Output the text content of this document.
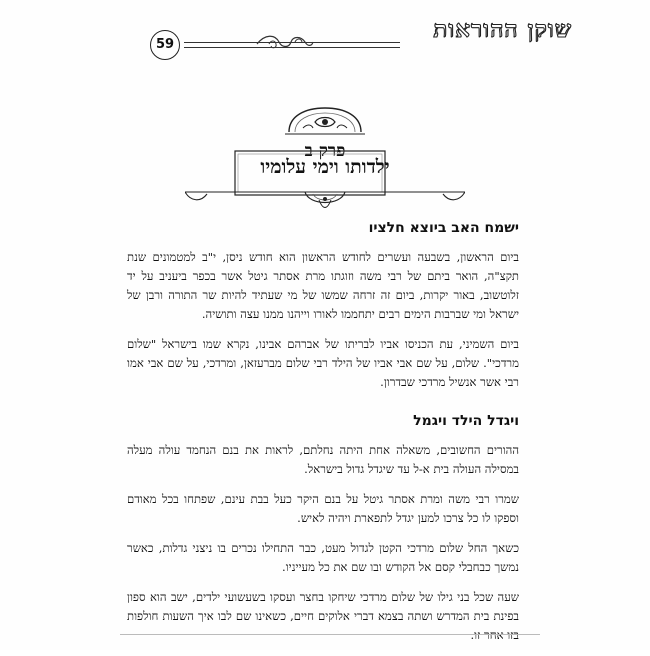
שוקן ההוראות
59
פרק ב
ילדותו וימי עלומיו
ישמח האב ביוצא חלציו

ביום הראשון, בשבעה ועשרים לחודש הראשון הוא חודש ניסן, י"ב למטמונים שנת תקצ"ה, הואר ביתם של רבי משה וזוגתו מרת אסתר גיטל אשר בכפר ביעניב על יד זלוטשוב, באור יקרות, ביום זה זרחה שמשו של מי שעתיד להיות שר התורה ורבן של ישראל ומי שברבות הימים רבים יתחממו לאורו וייהנו ממנו עצה ותושיה.

ביום השמיני, עת הכניסו אביו לבריתו של אברהם אבינו, נקרא שמו בישראל "שלום מרדכי". שלום, על שם אבי אביו של הילד רבי שלום מברעזאן, ומרדכי, על שם אבי אמו רבי אשר אנשיל מרדכי שבדרון.

ויגדל הילד ויגמל

ההורים החשובים, משאלה אחת היתה נחלתם, לראות את בנם הנחמד עולה מעלה במסילה העולה בית א-ל עד שיגדל גדול בישראל.

שמרו רבי משה ומרת אסתר גיטל על בנם היקר כעל בבת עינם, שפתחו בכל מאודם וספקו לו כל צרכו למען יגדל לתפארת ויהיה לאיש.

כשאך החל שלום מרדכי הקטן לגדול מעט, כבר התחילו נכרים בו ניצני גדלות, כאשר נמשך כבחבלי קסם אל הקודש ובו שם את כל מעייניו.

שעה שכל בני גילו של שלום מרדכי שיחקו בחצר ועסקו בשעשועי ילדים, ישב הוא ספון בפינת בית המדרש ושתה בצמא דברי אלוקים חיים, כשאינו שם לבו איך השעות חולפות בזו אחר זו.
